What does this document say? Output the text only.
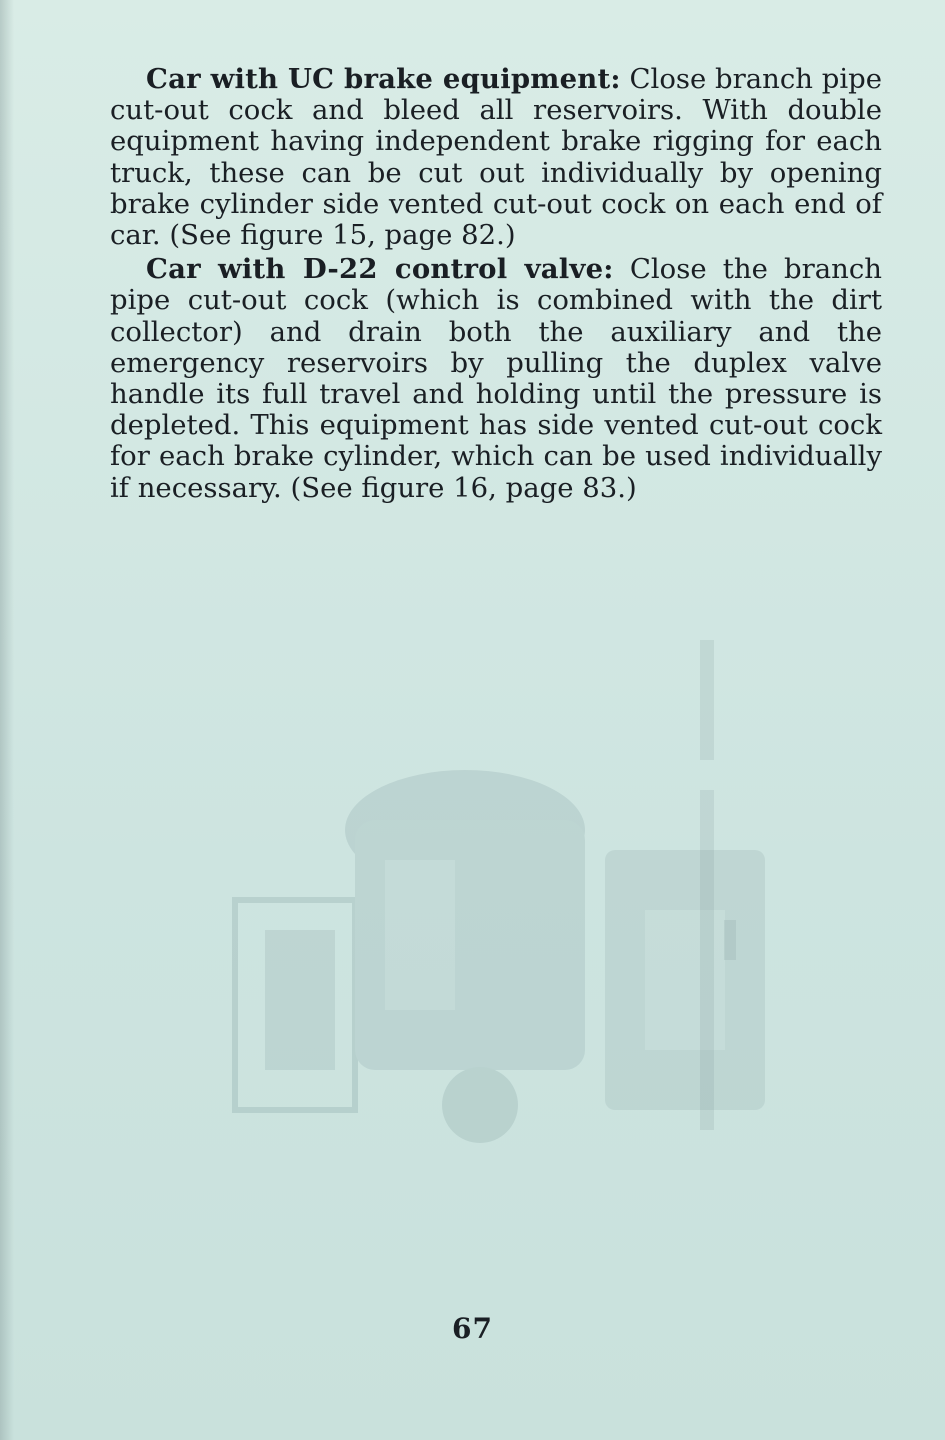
Car with UC brake equipment: Close branch pipe cut-out cock and bleed all reservoirs. With double equipment having independent brake rigging for each truck, these can be cut out individually by opening brake cylinder side vented cut-out cock on each end of car. (See figure 15, page 82.)

Car with D-22 control valve: Close the branch pipe cut-out cock (which is combined with the dirt collector) and drain both the auxiliary and the emergency reservoirs by pulling the duplex valve handle its full travel and holding until the pressure is depleted. This equipment has side vented cut-out cock for each brake cylinder, which can be used individually if necessary. (See figure 16, page 83.)

67
